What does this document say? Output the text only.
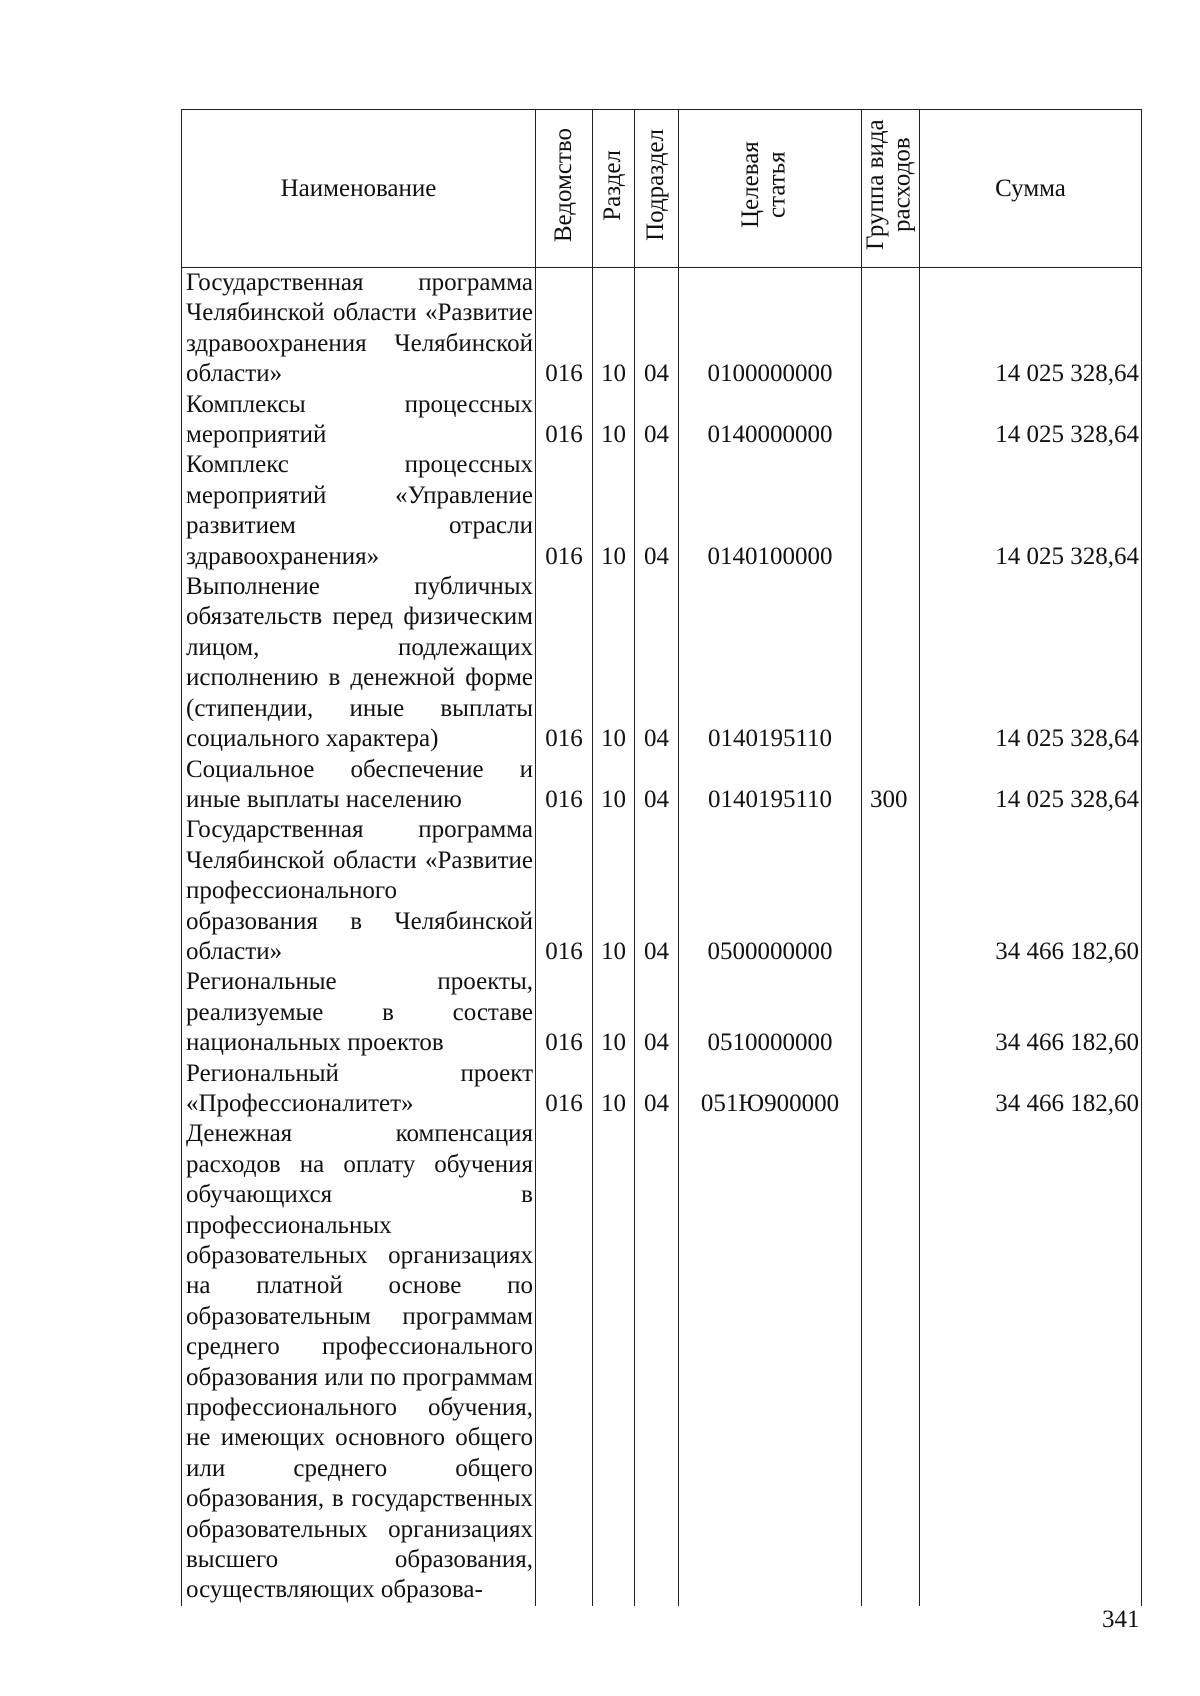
Наименование	Ведомство	Раздел	Подраздел	Целевая статья	Группа вида расходов	Сумма
Государственная программа Челябинской области «Развитие здравоохранения Челябинской области»	016	10	04	0100000000		14 025 328,64
Комплексы процессных мероприятий	016	10	04	0140000000		14 025 328,64
Комплекс процессных мероприятий «Управление развитием отрасли здравоохранения»	016	10	04	0140100000		14 025 328,64
Выполнение публичных обязательств перед физическим лицом, подлежащих исполнению в денежной форме (стипендии, иные выплаты социального характера)	016	10	04	0140195110		14 025 328,64
Социальное обеспечение и иные выплаты населению	016	10	04	0140195110	300	14 025 328,64
Государственная программа Челябинской области «Развитие профессионального образования в Челябинской области»	016	10	04	0500000000		34 466 182,60
Региональные проекты, реализуемые в составе национальных проектов	016	10	04	0510000000		34 466 182,60
Региональный проект «Профессионалитет»	016	10	04	051Ю900000		34 466 182,60
Денежная компенсация расходов на оплату обучения обучающихся в профессиональных образовательных организациях на платной основе по образовательным программам среднего профессионального образования или по программам профессионального обучения, не имеющих основного общего или среднего общего образования, в государственных образовательных организациях высшего образования, осуществляющих образова-						
341
